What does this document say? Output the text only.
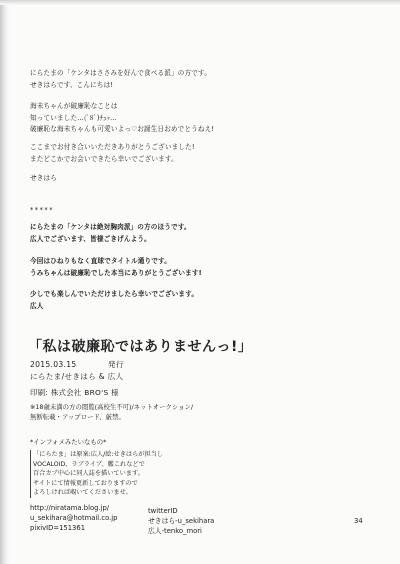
にらたまの「ケンタはささみを好んで食べる派」の方です。
せきはらです、こんにちは!
海未ちゃんが破廉恥なことは
知っていました…(ﾟ8ﾟ)ﾁｭｯ…
破廉恥な海未ちゃんも可愛いよっ♡お誕生日おめでとうねえ!
ここまでお付き合いいただきありがとうございました!
またどこかでお会いできたら幸いでございます。
せきはら
*****
にらたまの「ケンタは絶対胸肉派」の方のほうです。
広人でございます、皆様ごきげんよう。
今回はひねりもなく直球でタイトル通りです。
うみちゃんは破廉恥でした本当にありがとうございます!
少しでも楽しんでいただけましたら幸いでございます。
広人
「私は破廉恥ではありませんっ!」
2015.03.15	発行
にらたま/せきはら & 広人
印刷: 株式会社 BRO'S 様
※18歳未満の方の閲覧(高校生不可)/ネットオークション/
無断転載・アップロード、厳禁。
*インフォメみたいなもの*
「にらたま」は原案:広人/絵:せきはらが担当し
VOCALOID、ラブライブ、艦これなどで
百合カプ中心に同人誌を描いています。
サイトにて情報更新しておりますので
よろしければ覗いてくださいませ。
http://niratama.blog.jp/
u_sekihara@hotmail.co.jp
pixivID=151361
twitterID
せきはら-u_sekihara
広人-tenko_mori
34
